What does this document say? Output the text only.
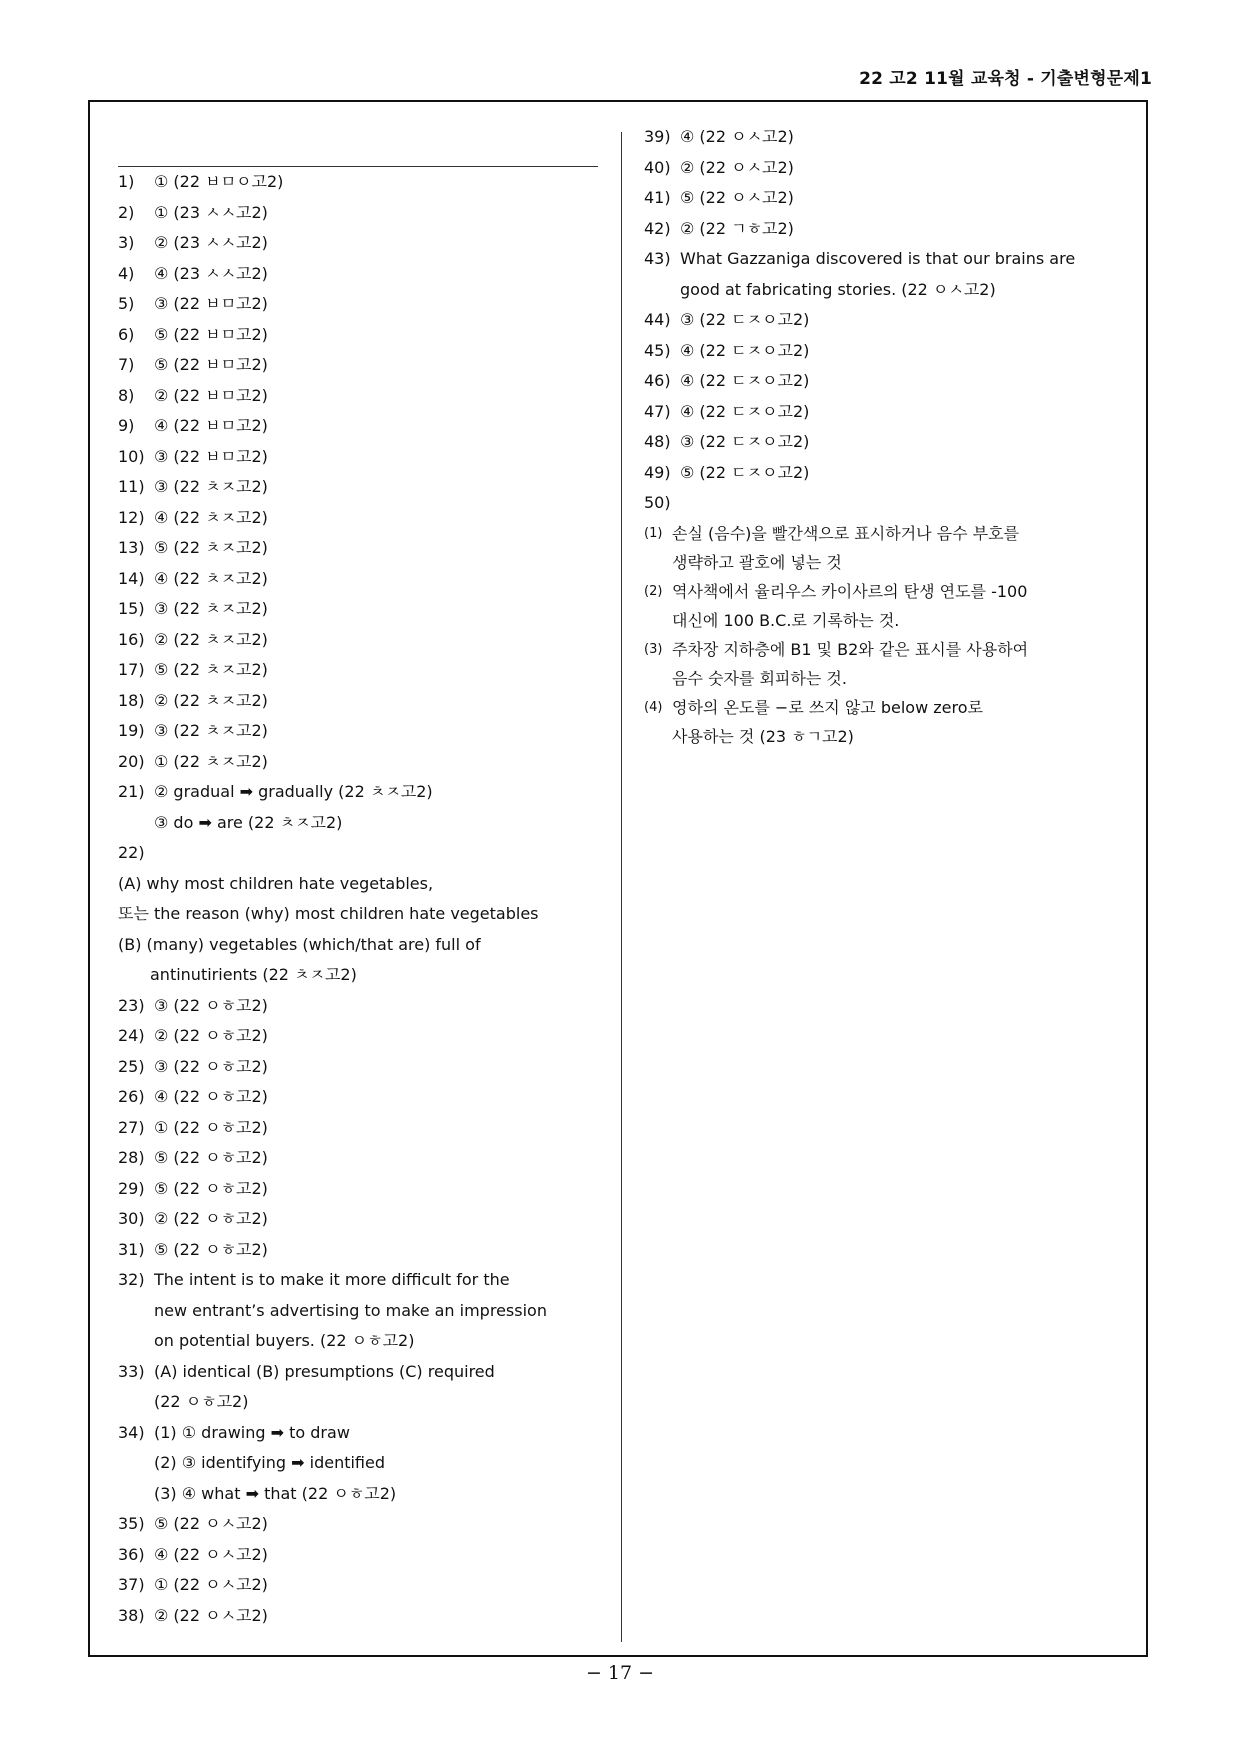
22 고2 11월 교육청 - 기출변형문제1
1) ① (22 ㅂㅁㅇ고2)
2) ① (23 ㅅㅅ고2)
3) ② (23 ㅅㅅ고2)
4) ④ (23 ㅅㅅ고2)
5) ③ (22 ㅂㅁ고2)
6) ⑤ (22 ㅂㅁ고2)
7) ⑤ (22 ㅂㅁ고2)
8) ② (22 ㅂㅁ고2)
9) ④ (22 ㅂㅁ고2)
10) ③ (22 ㅂㅁ고2)
11) ③ (22 ㅊㅈ고2)
12) ④ (22 ㅊㅈ고2)
13) ⑤ (22 ㅊㅈ고2)
14) ④ (22 ㅊㅈ고2)
15) ③ (22 ㅊㅈ고2)
16) ② (22 ㅊㅈ고2)
17) ⑤ (22 ㅊㅈ고2)
18) ② (22 ㅊㅈ고2)
19) ③ (22 ㅊㅈ고2)
20) ① (22 ㅊㅈ고2)
21) ② gradual ➡ gradually (22 ㅊㅈ고2)
③ do ➡ are (22 ㅊㅈ고2)
22)
(A) why most children hate vegetables,
또는 the reason (why) most children hate vegetables
(B) (many) vegetables (which/that are) full of
antinutirients (22 ㅊㅈ고2)
23) ③ (22 ㅇㅎ고2)
24) ② (22 ㅇㅎ고2)
25) ③ (22 ㅇㅎ고2)
26) ④ (22 ㅇㅎ고2)
27) ① (22 ㅇㅎ고2)
28) ⑤ (22 ㅇㅎ고2)
29) ⑤ (22 ㅇㅎ고2)
30) ② (22 ㅇㅎ고2)
31) ⑤ (22 ㅇㅎ고2)
32) The intent is to make it more difficult for the
new entrant’s advertising to make an impression
on potential buyers. (22 ㅇㅎ고2)
33) (A) identical (B) presumptions (C) required
(22 ㅇㅎ고2)
34) (1) ① drawing ➡ to draw
(2) ③ identifying ➡ identified
(3) ④ what ➡ that (22 ㅇㅎ고2)
35) ⑤ (22 ㅇㅅ고2)
36) ④ (22 ㅇㅅ고2)
37) ① (22 ㅇㅅ고2)
38) ② (22 ㅇㅅ고2)
39) ④ (22 ㅇㅅ고2)
40) ② (22 ㅇㅅ고2)
41) ⑤ (22 ㅇㅅ고2)
42) ② (22 ㄱㅎ고2)
43) What Gazzaniga discovered is that our brains are
good at fabricating stories. (22 ㅇㅅ고2)
44) ③ (22 ㄷㅈㅇ고2)
45) ④ (22 ㄷㅈㅇ고2)
46) ④ (22 ㄷㅈㅇ고2)
47) ④ (22 ㄷㅈㅇ고2)
48) ③ (22 ㄷㅈㅇ고2)
49) ⑤ (22 ㄷㅈㅇ고2)
50)
(1) 손실 (음수)을 빨간색으로 표시하거나 음수 부호를
생략하고 괄호에 넣는 것
(2) 역사책에서 율리우스 카이사르의 탄생 연도를 -100
대신에 100 B.C.로 기록하는 것.
(3) 주차장 지하층에 B1 및 B2와 같은 표시를 사용하여
음수 숫자를 회피하는 것.
(4) 영하의 온도를 −로 쓰지 않고 below zero로
사용하는 것 (23 ㅎㄱ고2)
− 17 −
